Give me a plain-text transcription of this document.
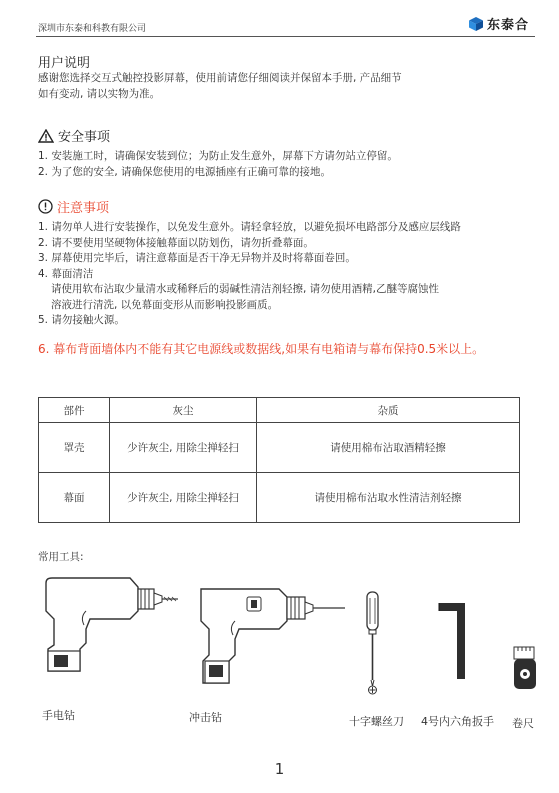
深圳市东泰和科教有限公司	东泰合
用户说明
感谢您选择交互式触控投影屏幕，使用前请您仔细阅读并保留本手册, 产品细节
如有变动, 请以实物为准。
安全事项
1. 安装施工时，请确保安装到位；为防止发生意外，屏幕下方请勿站立停留。
2. 为了您的安全, 请确保您使用的电源插座有正确可靠的接地。
注意事项
1. 请勿单人进行安装操作，以免发生意外。请轻拿轻放，以避免损坏电路部分及感应层线路
2. 请不要使用坚硬物体接触幕面以防划伤，请勿折叠幕面。
3. 屏幕使用完毕后，请注意幕面是否干净无异物并及时将幕面卷回。
4. 幕面清洁
请使用软布沾取少量清水或稀释后的弱碱性清洁剂轻擦, 请勿使用酒精,乙醚等腐蚀性
溶液进行清洗, 以免幕面变形从而影响投影画质。
5. 请勿接触火源。
6. 幕布背面墙体内不能有其它电源线或数据线,如果有电箱请与幕布保持0.5米以上。
部件	灰尘	杂质
罩壳	少许灰尘, 用除尘掸轻扫	请使用棉布沾取酒精轻擦
幕面	少许灰尘, 用除尘掸轻扫	请使用棉布沾取水性清洁剂轻擦
常用工具:
手电钻	冲击钻	十字螺丝刀 4号内六角扳手 卷尺
1
